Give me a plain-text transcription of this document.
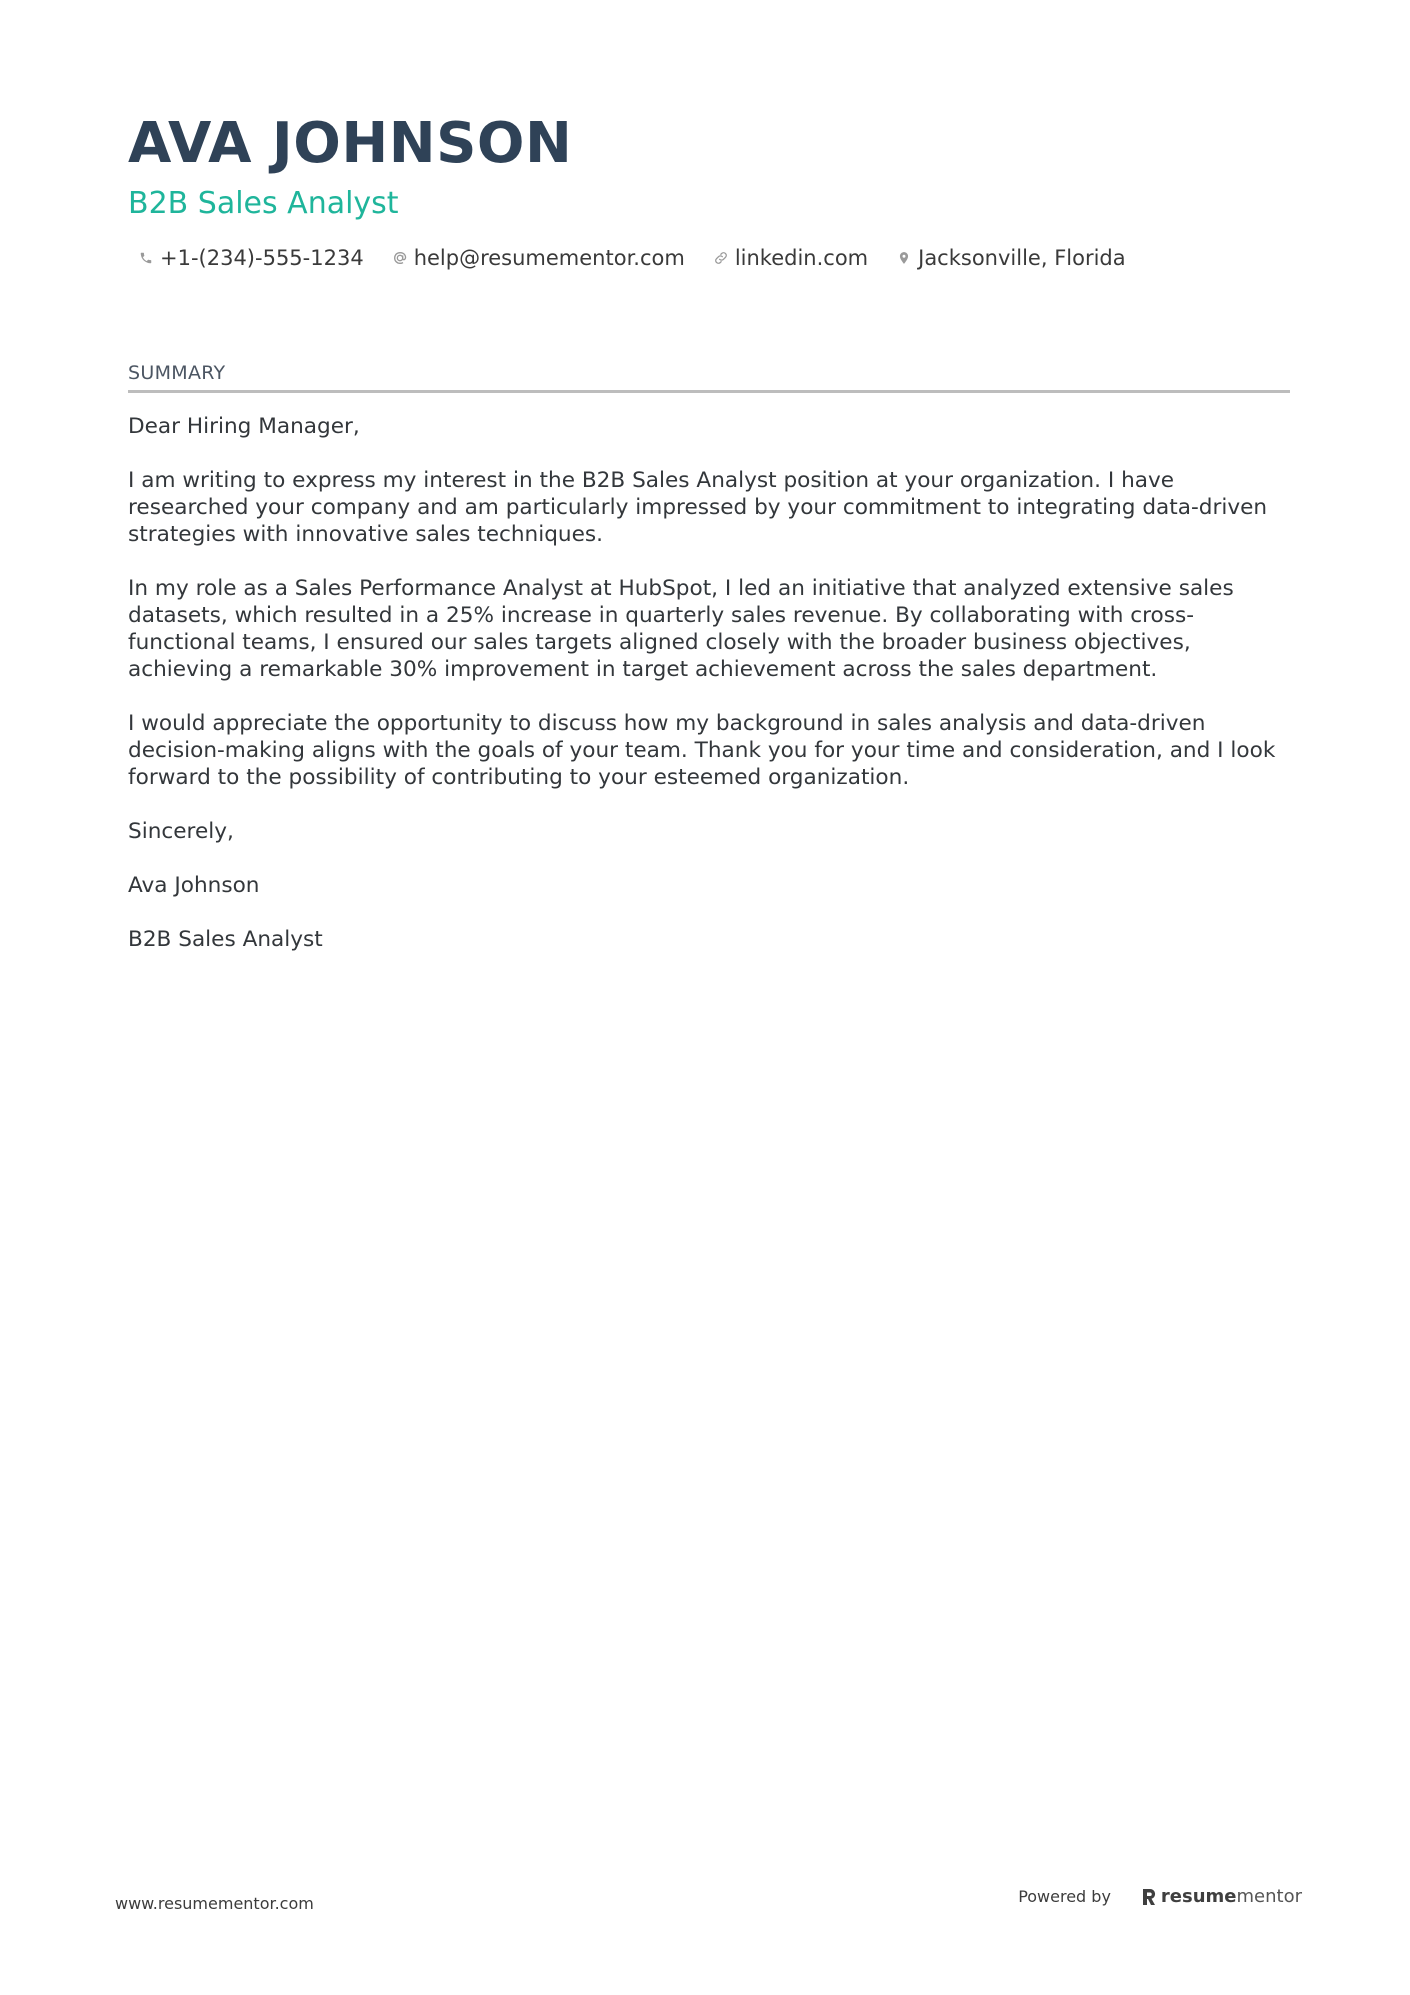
AVA JOHNSON
B2B Sales Analyst
+1-(234)-555-1234 help@resumementor.com linkedin.com Jacksonville, Florida
SUMMARY

Dear Hiring Manager,

I am writing to express my interest in the B2B Sales Analyst position at your organization. I have researched your company and am particularly impressed by your commitment to integrating data-driven strategies with innovative sales techniques.

In my role as a Sales Performance Analyst at HubSpot, I led an initiative that analyzed extensive sales datasets, which resulted in a 25% increase in quarterly sales revenue. By collaborating with cross-functional teams, I ensured our sales targets aligned closely with the broader business objectives, achieving a remarkable 30% improvement in target achievement across the sales department.

I would appreciate the opportunity to discuss how my background in sales analysis and data-driven decision-making aligns with the goals of your team. Thank you for your time and consideration, and I look forward to the possibility of contributing to your esteemed organization.

Sincerely,

Ava Johnson

B2B Sales Analyst

www.resumementor.com	Powered by	resume mentor
